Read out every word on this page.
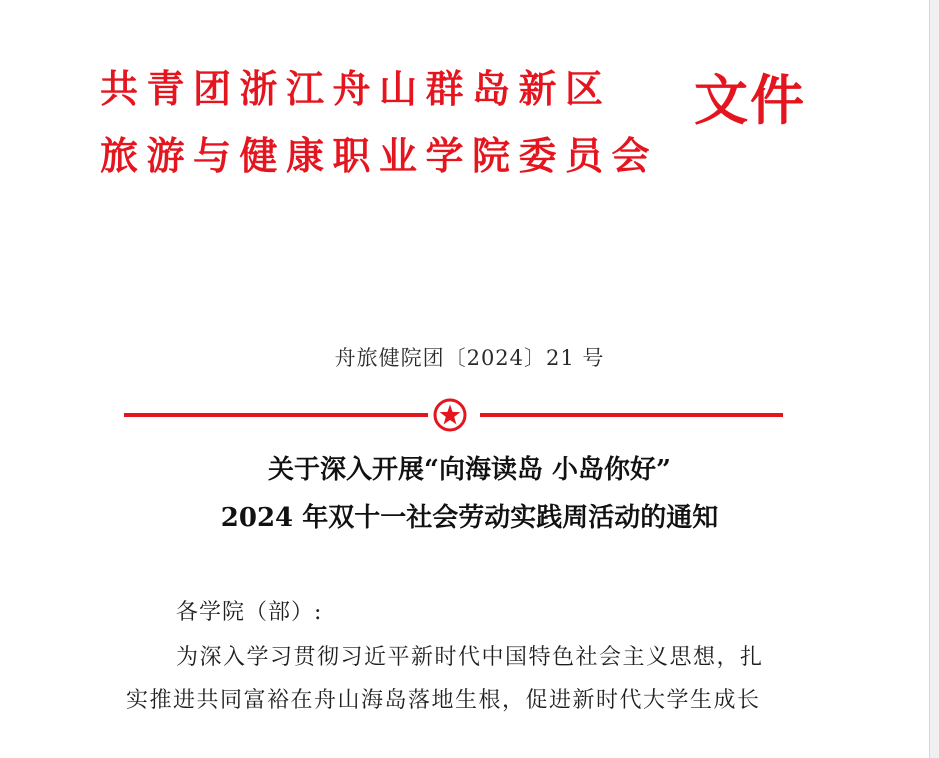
共青团浙江舟山群岛新区
旅游与健康职业学院委员会
文件
舟旅健院团〔2024〕21 号
关于深入开展“向海读岛 小岛你好”
2024 年双十一社会劳动实践周活动的通知
各学院（部）:
为深入学习贯彻习近平新时代中国特色社会主义思想，扎
实推进共同富裕在舟山海岛落地生根，促进新时代大学生成长
